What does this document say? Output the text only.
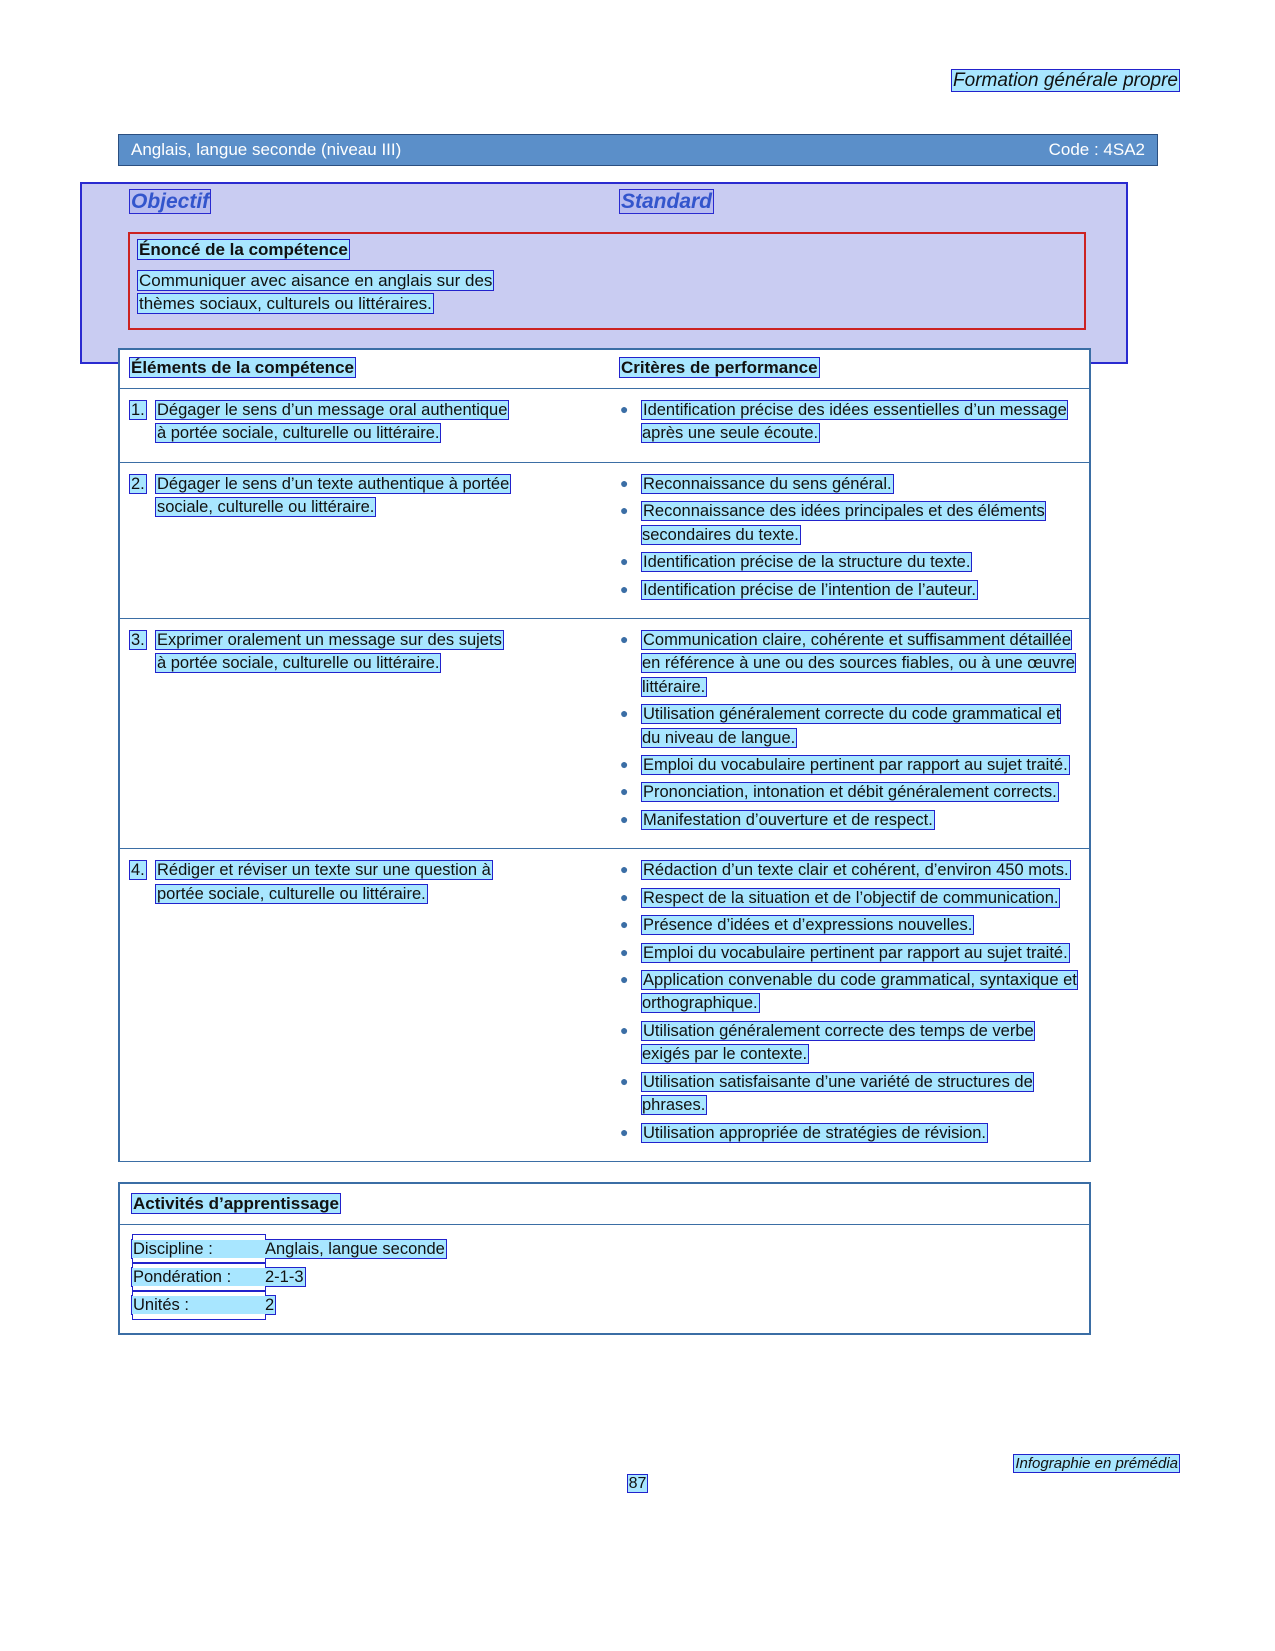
Formation générale propre
Anglais, langue seconde (niveau III)	Code : 4SA2
Objectif	Standard
Énoncé de la compétence
Communiquer avec aisance en anglais sur des
thèmes sociaux, culturels ou littéraires.
Éléments de la compétence	Critères de performance
1. Dégager le sens d’un message oral authentique
à portée sociale, culturelle ou littéraire.
● Identification précise des idées essentielles d’un message après une seule écoute.
2. Dégager le sens d’un texte authentique à portée
sociale, culturelle ou littéraire.
● Reconnaissance du sens général.
● Reconnaissance des idées principales et des éléments secondaires du texte.
● Identification précise de la structure du texte.
● Identification précise de l’intention de l’auteur.
3. Exprimer oralement un message sur des sujets
à portée sociale, culturelle ou littéraire.
● Communication claire, cohérente et suffisamment détaillée en référence à une ou des sources fiables, ou à une œuvre littéraire.
● Utilisation généralement correcte du code grammatical et du niveau de langue.
● Emploi du vocabulaire pertinent par rapport au sujet traité.
● Prononciation, intonation et débit généralement corrects.
● Manifestation d’ouverture et de respect.
4. Rédiger et réviser un texte sur une question à
portée sociale, culturelle ou littéraire.
● Rédaction d’un texte clair et cohérent, d’environ 450 mots.
● Respect de la situation et de l’objectif de communication.
● Présence d’idées et d’expressions nouvelles.
● Emploi du vocabulaire pertinent par rapport au sujet traité.
● Application convenable du code grammatical, syntaxique et orthographique.
● Utilisation généralement correcte des temps de verbe exigés par le contexte.
● Utilisation satisfaisante d’une variété de structures de phrases.
● Utilisation appropriée de stratégies de révision.
Activités d’apprentissage
Discipline :	Anglais, langue seconde
Pondération : 2-1-3
Unités :	2
Infographie en prémédia
87
